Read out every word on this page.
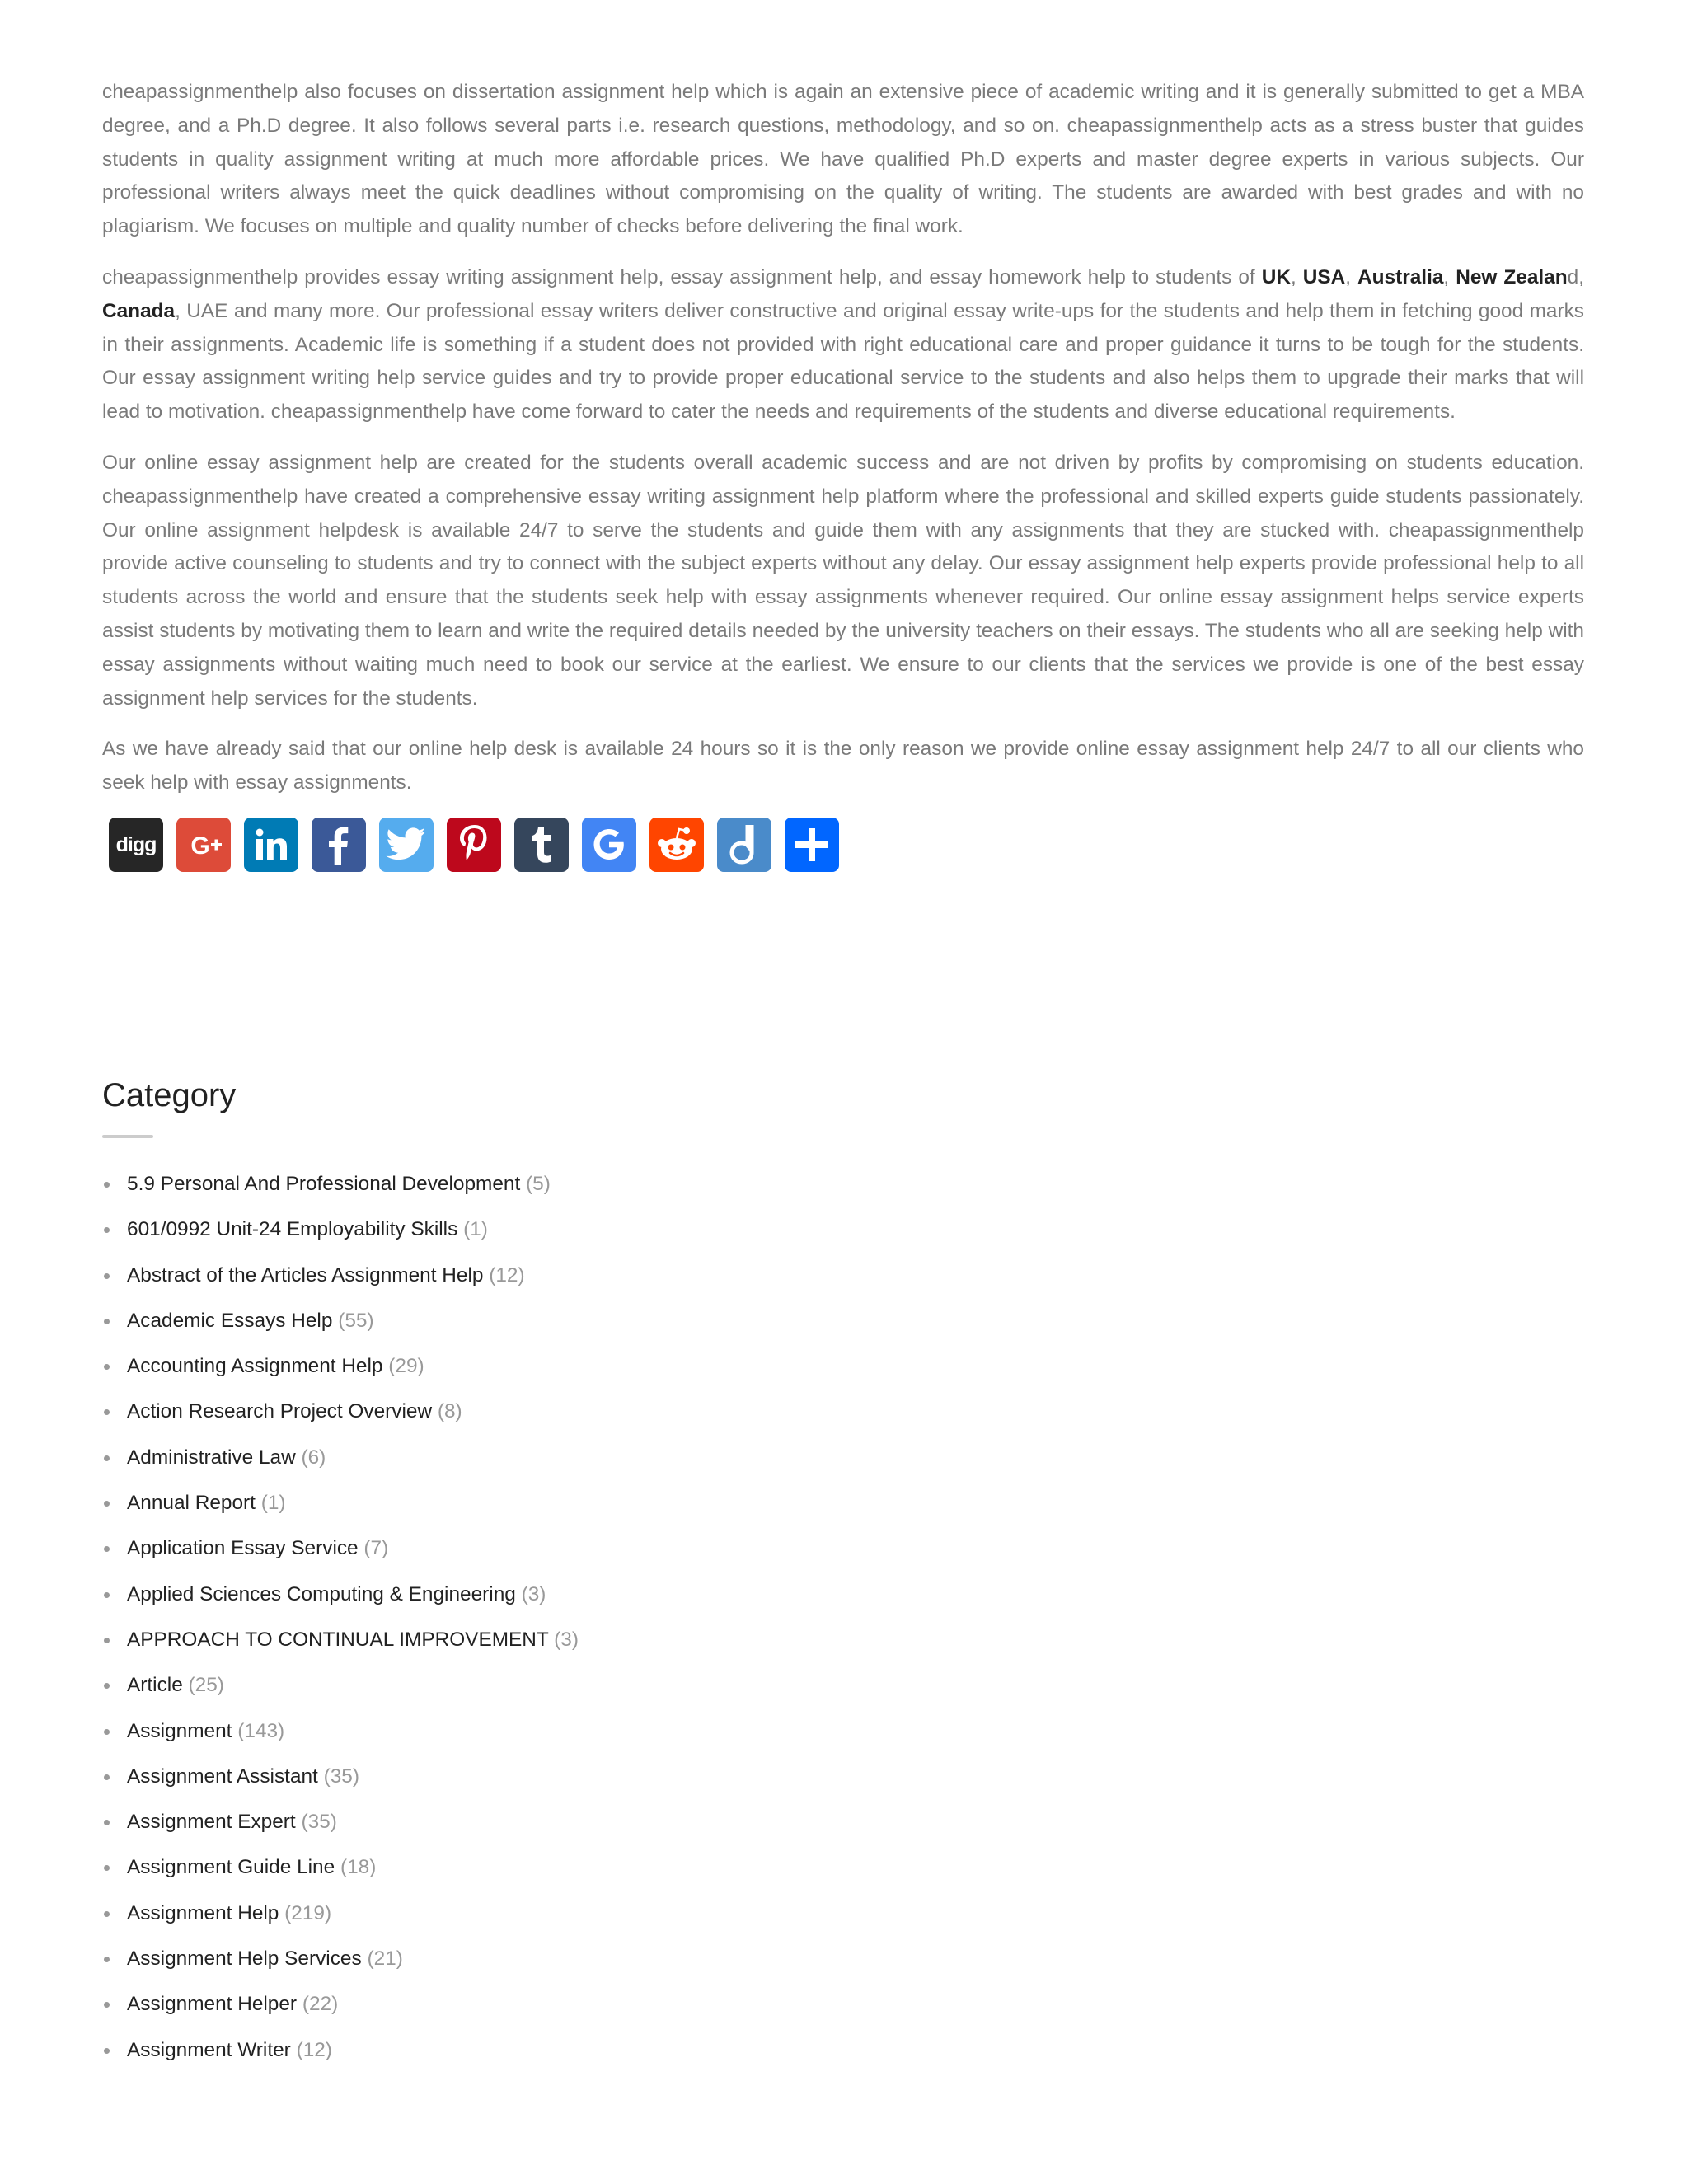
cheapassignmenthelp also focuses on dissertation assignment help which is again an extensive piece of academic writing and it is generally submitted to get a MBA degree, and a Ph.D degree. It also follows several parts i.e. research questions, methodology, and so on. cheapassignmenthelp acts as a stress buster that guides students in quality assignment writing at much more affordable prices. We have qualified Ph.D experts and master degree experts in various subjects. Our professional writers always meet the quick deadlines without compromising on the quality of writing. The students are awarded with best grades and with no plagiarism. We focuses on multiple and quality number of checks before delivering the final work.

cheapassignmenthelp provides essay writing assignment help, essay assignment help, and essay homework help to students of UK, USA, Australia, New Zealand, Canada, UAE and many more. Our professional essay writers deliver constructive and original essay write-ups for the students and help them in fetching good marks in their assignments. Academic life is something if a student does not provided with right educational care and proper guidance it turns to be tough for the students. Our essay assignment writing help service guides and try to provide proper educational service to the students and also helps them to upgrade their marks that will lead to motivation. cheapassignmenthelp have come forward to cater the needs and requirements of the students and diverse educational requirements.

Our online essay assignment help are created for the students overall academic success and are not driven by profits by compromising on students education. cheapassignmenthelp have created a comprehensive essay writing assignment help platform where the professional and skilled experts guide students passionately. Our online assignment helpdesk is available 24/7 to serve the students and guide them with any assignments that they are stucked with. cheapassignmenthelp provide active counseling to students and try to connect with the subject experts without any delay. Our essay assignment help experts provide professional help to all students across the world and ensure that the students seek help with essay assignments whenever required. Our online essay assignment helps service experts assist students by motivating them to learn and write the required details needed by the university teachers on their essays. The students who all are seeking help with essay assignments without waiting much need to book our service at the earliest. We ensure to our clients that the services we provide is one of the best essay assignment help services for the students.

As we have already said that our online help desk is available 24 hours so it is the only reason we provide online essay assignment help 24/7 to all our clients who seek help with essay assignments.

digg G
Category
5.9 Personal And Professional Development (5)
601/0992 Unit-24 Employability Skills (1)
Abstract of the Articles Assignment Help (12)
Academic Essays Help (55)
Accounting Assignment Help (29)
Action Research Project Overview (8)
Administrative Law (6)
Annual Report (1)
Application Essay Service (7)
Applied Sciences Computing & Engineering (3)
APPROACH TO CONTINUAL IMPROVEMENT (3)
Article (25)
Assignment (143)
Assignment Assistant (35)
Assignment Expert (35)
Assignment Guide Line (18)
Assignment Help (219)
Assignment Help Services (21)
Assignment Helper (22)
Assignment Writer (12)
